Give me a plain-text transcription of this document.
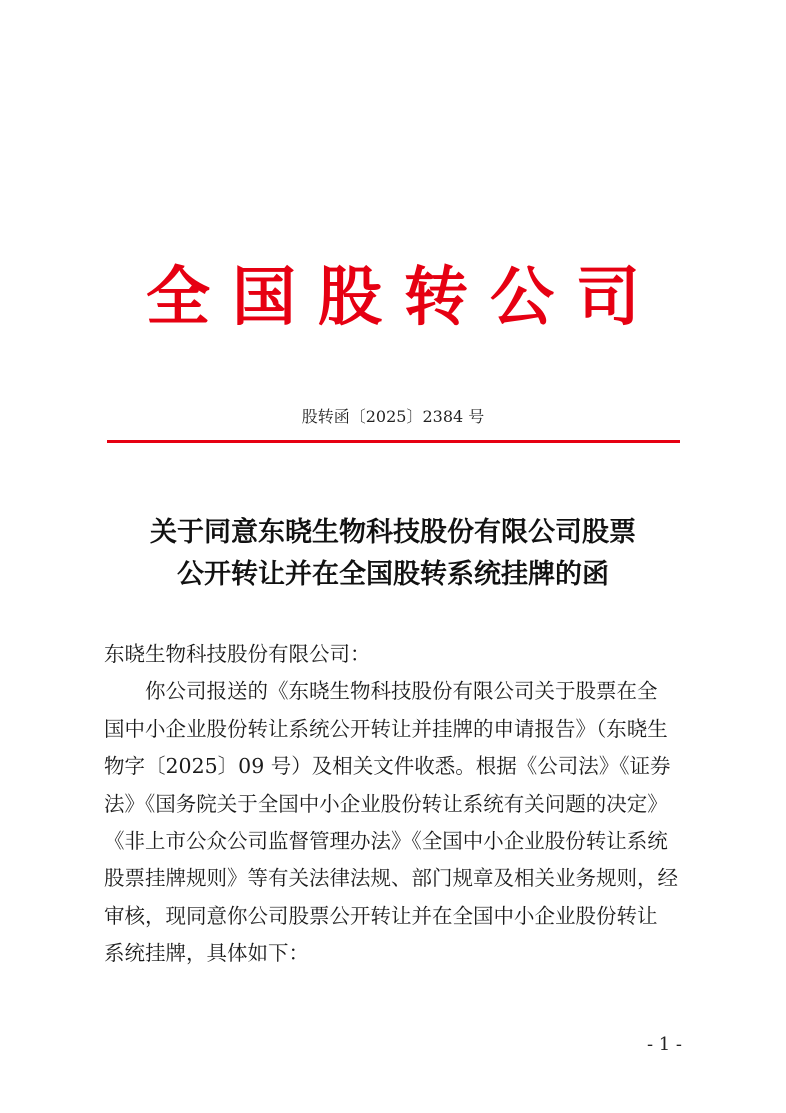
全国股转公司
股转函〔2025〕2384 号
关于同意东晓生物科技股份有限公司股票
公开转让并在全国股转系统挂牌的函

东晓生物科技股份有限公司：

你公司报送的《东晓生物科技股份有限公司关于股票在全

国中小企业股份转让系统公开转让并挂牌的申请报告》（东晓生

物字〔2025〕09 号）及相关文件收悉。根据《公司法》《证券

法》《国务院关于全国中小企业股份转让系统有关问题的决定》

《非上市公众公司监督管理办法》《全国中小企业股份转让系统

股票挂牌规则》等有关法律法规、部门规章及相关业务规则，经

审核，现同意你公司股票公开转让并在全国中小企业股份转让

系统挂牌，具体如下：

- 1 -
